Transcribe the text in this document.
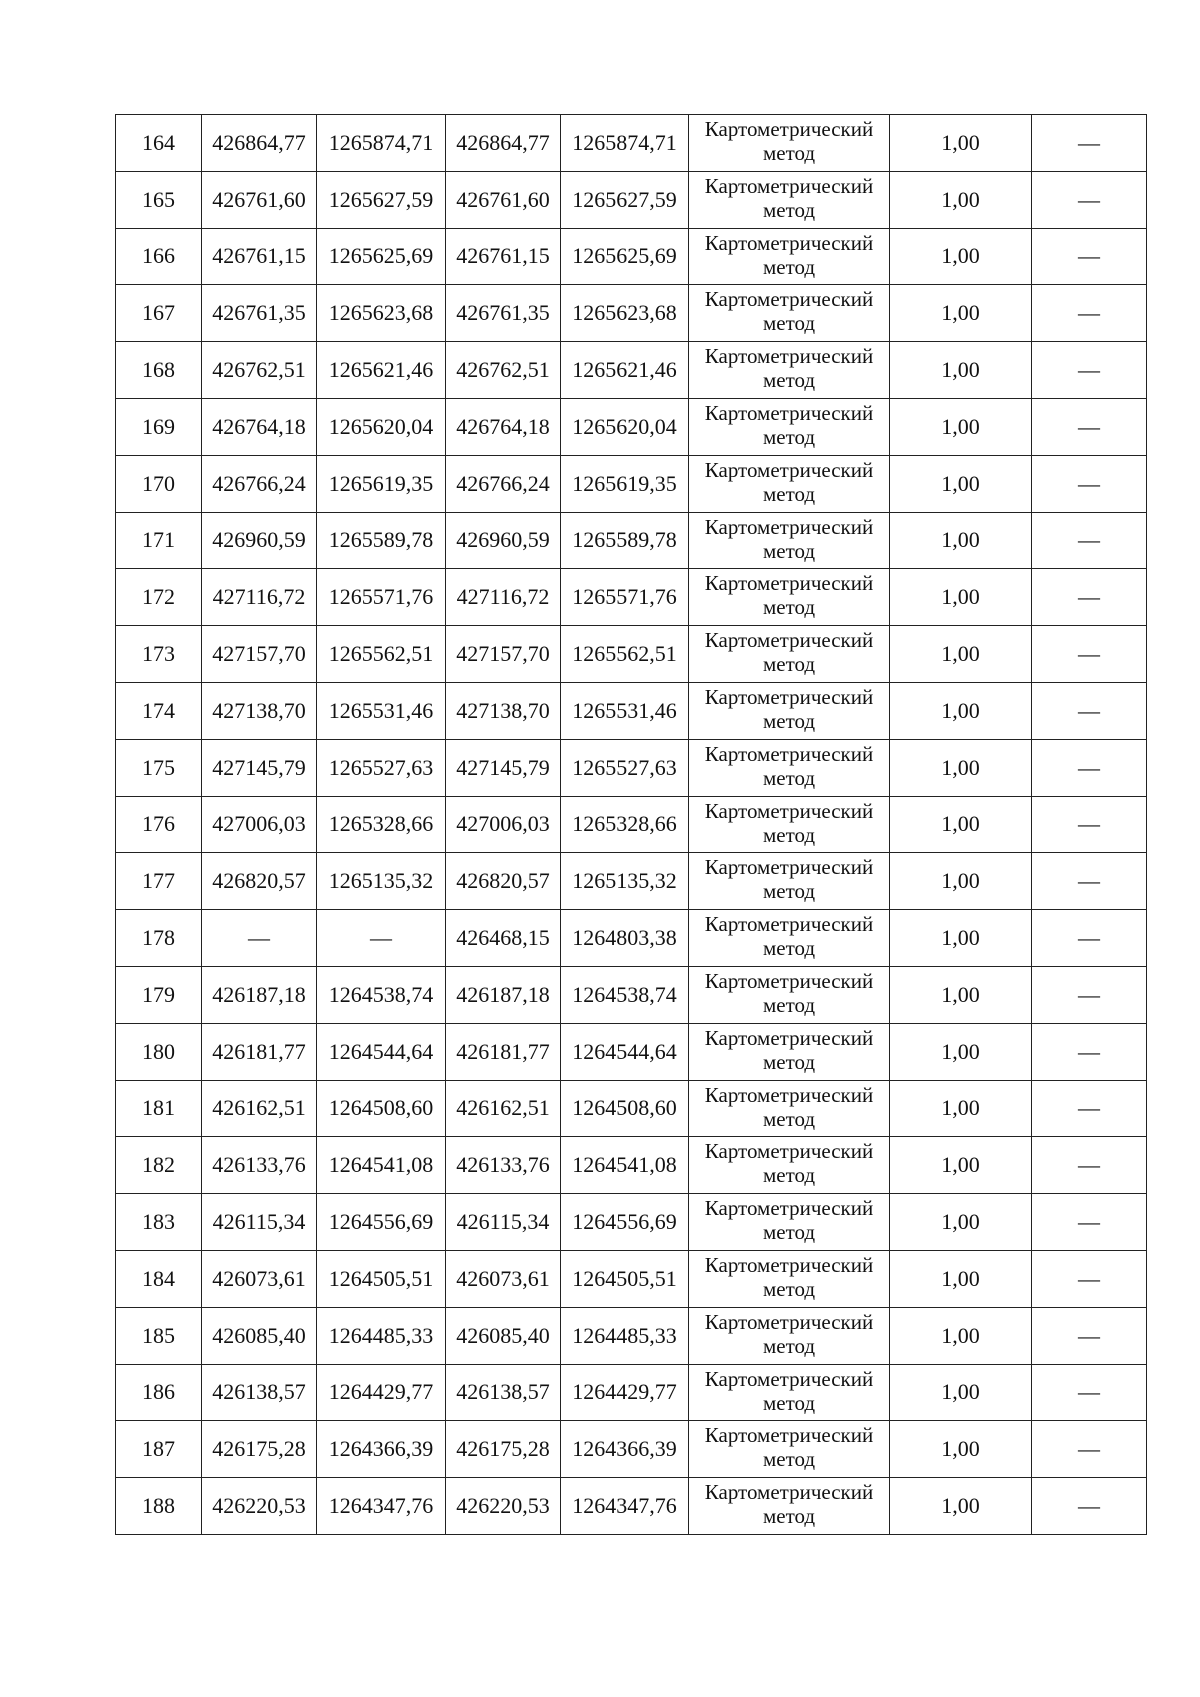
164	426864,77	1265874,71	426864,77	1265874,71	Картометрический метод	1,00	—
165	426761,60	1265627,59	426761,60	1265627,59	Картометрический метод	1,00	—
166	426761,15	1265625,69	426761,15	1265625,69	Картометрический метод	1,00	—
167	426761,35	1265623,68	426761,35	1265623,68	Картометрический метод	1,00	—
168	426762,51	1265621,46	426762,51	1265621,46	Картометрический метод	1,00	—
169	426764,18	1265620,04	426764,18	1265620,04	Картометрический метод	1,00	—
170	426766,24	1265619,35	426766,24	1265619,35	Картометрический метод	1,00	—
171	426960,59	1265589,78	426960,59	1265589,78	Картометрический метод	1,00	—
172	427116,72	1265571,76	427116,72	1265571,76	Картометрический метод	1,00	—
173	427157,70	1265562,51	427157,70	1265562,51	Картометрический метод	1,00	—
174	427138,70	1265531,46	427138,70	1265531,46	Картометрический метод	1,00	—
175	427145,79	1265527,63	427145,79	1265527,63	Картометрический метод	1,00	—
176	427006,03	1265328,66	427006,03	1265328,66	Картометрический метод	1,00	—
177	426820,57	1265135,32	426820,57	1265135,32	Картометрический метод	1,00	—
178	—	—	426468,15	1264803,38	Картометрический метод	1,00	—
179	426187,18	1264538,74	426187,18	1264538,74	Картометрический метод	1,00	—
180	426181,77	1264544,64	426181,77	1264544,64	Картометрический метод	1,00	—
181	426162,51	1264508,60	426162,51	1264508,60	Картометрический метод	1,00	—
182	426133,76	1264541,08	426133,76	1264541,08	Картометрический метод	1,00	—
183	426115,34	1264556,69	426115,34	1264556,69	Картометрический метод	1,00	—
184	426073,61	1264505,51	426073,61	1264505,51	Картометрический метод	1,00	—
185	426085,40	1264485,33	426085,40	1264485,33	Картометрический метод	1,00	—
186	426138,57	1264429,77	426138,57	1264429,77	Картометрический метод	1,00	—
187	426175,28	1264366,39	426175,28	1264366,39	Картометрический метод	1,00	—
188	426220,53	1264347,76	426220,53	1264347,76	Картометрический метод	1,00	—
